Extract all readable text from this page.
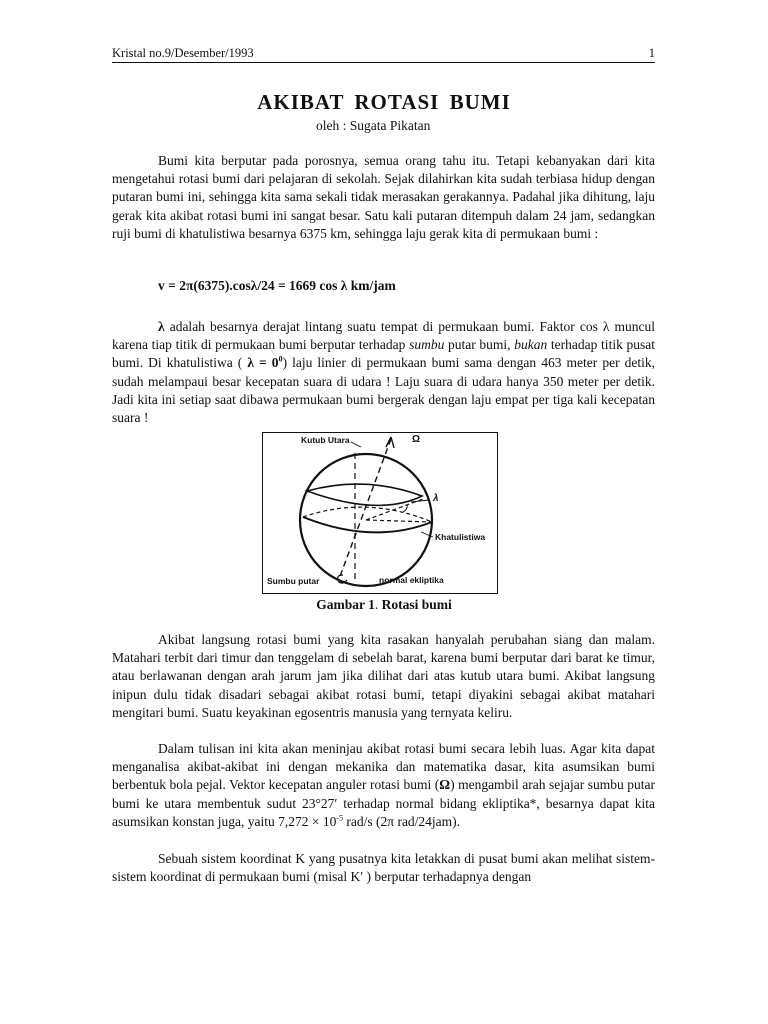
Kristal no.9/Desember/1993	1
AKIBAT ROTASI BUMI
oleh : Sugata Pikatan

Bumi kita berputar pada porosnya, semua orang tahu itu. Tetapi kebanyakan dari kita mengetahui rotasi bumi dari pelajaran di sekolah. Sejak dilahirkan kita sudah terbiasa hidup dengan putaran bumi ini, sehingga kita sama sekali tidak merasakan gerakannya. Padahal jika dihitung, laju gerak kita akibat rotasi bumi ini sangat besar. Satu kali putaran ditempuh dalam 24 jam, sedangkan ruji bumi di khatulistiwa besarnya 6375 km, sehingga laju gerak kita di permukaan bumi :

v = 2π(6375).cosλ/24 = 1669 cos λ km/jam

λ adalah besarnya derajat lintang suatu tempat di permukaan bumi. Faktor cos λ muncul karena tiap titik di permukaan bumi berputar terhadap sumbu putar bumi, bukan terhadap titik pusat bumi. Di khatulistiwa ( $\lambda = 0^0$) laju linier di permukaan bumi sama dengan 463 meter per detik, sudah melampaui besar kecepatan suara di udara ! Laju suara di udara hanya 350 meter per detik. Jadi kita ini setiap saat dibawa permukaan bumi bergerak dengan laju empat per tiga kali kecepatan suara !

Kutub Utara	Ω
λ
Khatulistiwa
Sumbu putar	normal ekliptika
Gambar 1. Rotasi bumi

Akibat langsung rotasi bumi yang kita rasakan hanyalah perubahan siang dan malam. Matahari terbit dari timur dan tenggelam di sebelah barat, karena bumi berputar dari barat ke timur, atau berlawanan dengan arah jarum jam jika dilihat dari atas kutub utara bumi. Akibat langsung inipun dulu tidak disadari sebagai akibat rotasi bumi, tetapi diyakini sebagai akibat matahari mengitari bumi. Suatu keyakinan egosentris manusia yang ternyata keliru.

Dalam tulisan ini kita akan meninjau akibat rotasi bumi secara lebih luas. Agar kita dapat menganalisa akibat-akibat ini dengan mekanika dan matematika dasar, kita asumsikan bumi berbentuk bola pejal. Vektor kecepatan anguler rotasi bumi (Ω) mengambil arah sejajar sumbu putar bumi ke utara membentuk sudut 23°27′ terhadap normal bidang ekliptika*, besarnya dapat kita asumsikan konstan juga, yaitu $7,272 \times 10^{-5}$ rad/s (2π rad/24jam).

Sebuah sistem koordinat K yang pusatnya kita letakkan di pusat bumi akan melihat sistem-sistem koordinat di permukaan bumi (misal K′ ) berputar terhadapnya dengan
